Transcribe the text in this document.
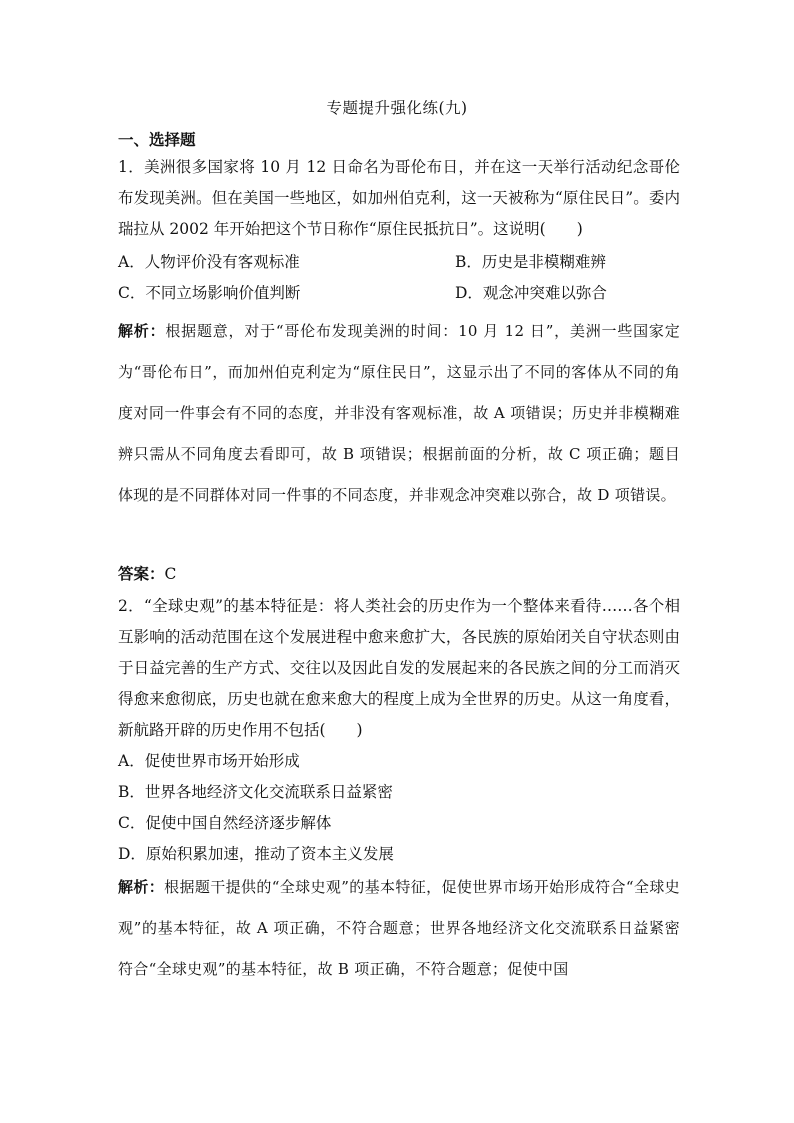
专题提升强化练(九)
一、选择题
1．美洲很多国家将 10 月 12 日命名为哥伦布日，并在这一天举行活动纪念哥伦布发现美洲。但在美国一些地区，如加州伯克利，这一天被称为“原住民日”。委内瑞拉从 2002 年开始把这个节日称作“原住民抵抗日”。这说明(　　)
A．人物评价没有客观标准	B．历史是非模糊难辨
C．不同立场影响价值判断	D．观念冲突难以弥合
解析：根据题意，对于“哥伦布发现美洲的时间：10 月 12 日”，美洲一些国家定为“哥伦布日”，而加州伯克利定为“原住民日”，这显示出了不同的客体从不同的角度对同一件事会有不同的态度，并非没有客观标准，故 A 项错误；历史并非模糊难辨只需从不同角度去看即可，故 B 项错误；根据前面的分析，故 C 项正确；题目体现的是不同群体对同一件事的不同态度，并非观念冲突难以弥合，故 D 项错误。
答案：C
2．“全球史观”的基本特征是：将人类社会的历史作为一个整体来看待……各个相互影响的活动范围在这个发展进程中愈来愈扩大，各民族的原始闭关自守状态则由于日益完善的生产方式、交往以及因此自发的发展起来的各民族之间的分工而消灭得愈来愈彻底，历史也就在愈来愈大的程度上成为全世界的历史。从这一角度看，新航路开辟的历史作用不包括(　　)
A．促使世界市场开始形成
B．世界各地经济文化交流联系日益紧密
C．促使中国自然经济逐步解体
D．原始积累加速，推动了资本主义发展
解析：根据题干提供的“全球史观”的基本特征，促使世界市场开始形成符合“全球史观”的基本特征，故 A 项正确，不符合题意；世界各地经济文化交流联系日益紧密符合“全球史观”的基本特征，故 B 项正确，不符合题意；促使中国
